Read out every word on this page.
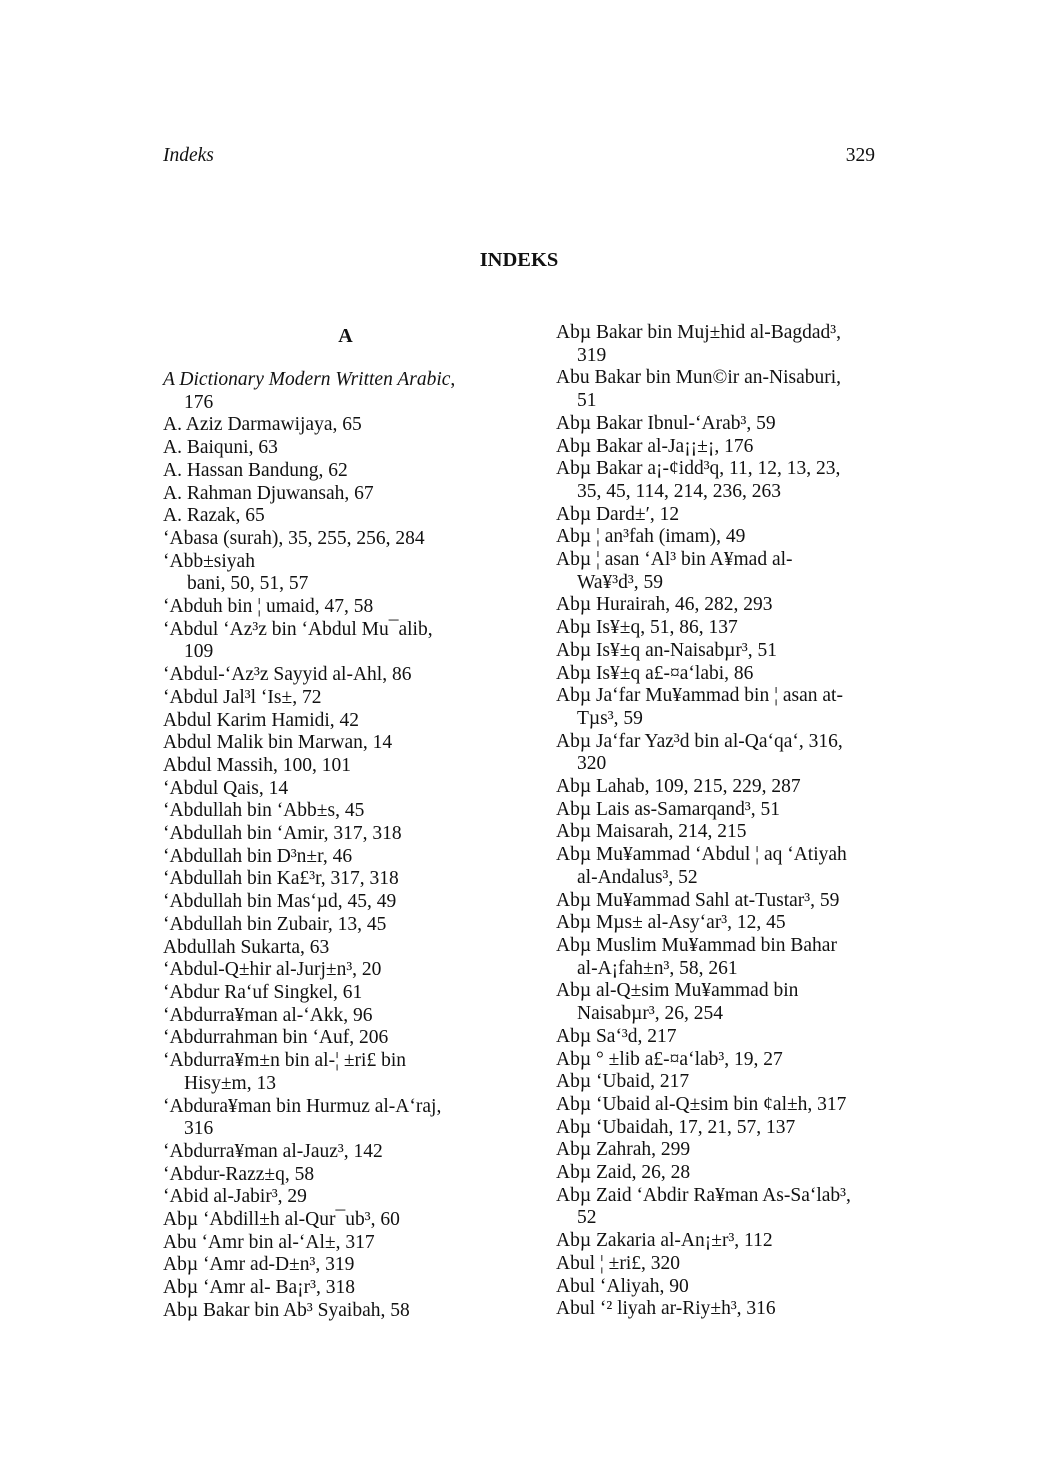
Indeks	329
INDEKS
A
A Dictionary Modern Written Arabic,
176
A. Aziz Darmawijaya, 65
A. Baiquni, 63
A. Hassan Bandung, 62
A. Rahman Djuwansah, 67
A. Razak, 65
‘Abasa (surah), 35, 255, 256, 284
‘Abb±siyah
bani, 50, 51, 57
‘Abduh bin ¦ umaid, 47, 58
‘Abdul ‘Az³z bin ‘Abdul Mu¯alib,
109
‘Abdul-‘Az³z Sayyid al-Ahl, 86
‘Abdul Jal³l ‘Is±, 72
Abdul Karim Hamidi, 42
Abdul Malik bin Marwan, 14
Abdul Massih, 100, 101
‘Abdul Qais, 14
‘Abdullah bin ‘Abb±s, 45
‘Abdullah bin ‘Amir, 317, 318
‘Abdullah bin D³n±r, 46
‘Abdullah bin Ka£³r, 317, 318
‘Abdullah bin Mas‘µd, 45, 49
‘Abdullah bin Zubair, 13, 45
Abdullah Sukarta, 63
‘Abdul-Q±hir al-Jurj±n³, 20
‘Abdur Ra‘uf Singkel, 61
‘Abdurra¥man al-‘Akk, 96
‘Abdurrahman bin ‘Auf, 206
‘Abdurra¥m±n bin al-¦ ±ri£ bin
Hisy±m, 13
‘Abdura¥man bin Hurmuz al-A‘raj,
316
‘Abdurra¥man al-Jauz³, 142
‘Abdur-Razz±q, 58
‘Abid al-Jabir³, 29
Abµ ‘Abdill±h al-Qur¯ub³, 60
Abu ‘Amr bin al-‘Al±, 317
Abµ ‘Amr ad-D±n³, 319
Abµ ‘Amr al- Ba¡r³, 318
Abµ Bakar bin Ab³ Syaibah, 58
Abµ Bakar bin Muj±hid al-Bagdad³,
319
Abu Bakar bin Mun©ir an-Nisaburi,
51
Abµ Bakar Ibnul-‘Arab³, 59
Abµ Bakar al-Ja¡¡±¡, 176
Abµ Bakar a¡-¢idd³q, 11, 12, 13, 23,
35, 45, 114, 214, 236, 263
Abµ Dard±′, 12
Abµ ¦ an³fah (imam), 49
Abµ ¦ asan ‘Al³ bin A¥mad al-
Wa¥³d³, 59
Abµ Hurairah, 46, 282, 293
Abµ Is¥±q, 51, 86, 137
Abµ Is¥±q an-Naisabµr³, 51
Abµ Is¥±q a£-¤a‘labi, 86
Abµ Ja‘far Mu¥ammad bin ¦ asan at-
Tµs³, 59
Abµ Ja‘far Yaz³d bin al-Qa‘qa‘, 316,
320
Abµ Lahab, 109, 215, 229, 287
Abµ Lais as-Samarqand³, 51
Abµ Maisarah, 214, 215
Abµ Mu¥ammad ‘Abdul ¦ aq ‘Atiyah
al-Andalus³, 52
Abµ Mu¥ammad Sahl at-Tustar³, 59
Abµ Mµs± al-Asy‘ar³, 12, 45
Abµ Muslim Mu¥ammad bin Bahar
al-A¡fah±n³, 58, 261
Abµ al-Q±sim Mu¥ammad bin
Naisabµr³, 26, 254
Abµ Sa‘³d, 217
Abµ ° ±lib a£-¤a‘lab³, 19, 27
Abµ ‘Ubaid, 217
Abµ ‘Ubaid al-Q±sim bin ¢al±h, 317
Abµ ‘Ubaidah, 17, 21, 57, 137
Abµ Zahrah, 299
Abµ Zaid, 26, 28
Abµ Zaid ‘Abdir Ra¥man As-Sa‘lab³,
52
Abµ Zakaria al-An¡±r³, 112
Abul ¦ ±ri£, 320
Abul ‘Aliyah, 90
Abul ‘² liyah ar-Riy±h³, 316
